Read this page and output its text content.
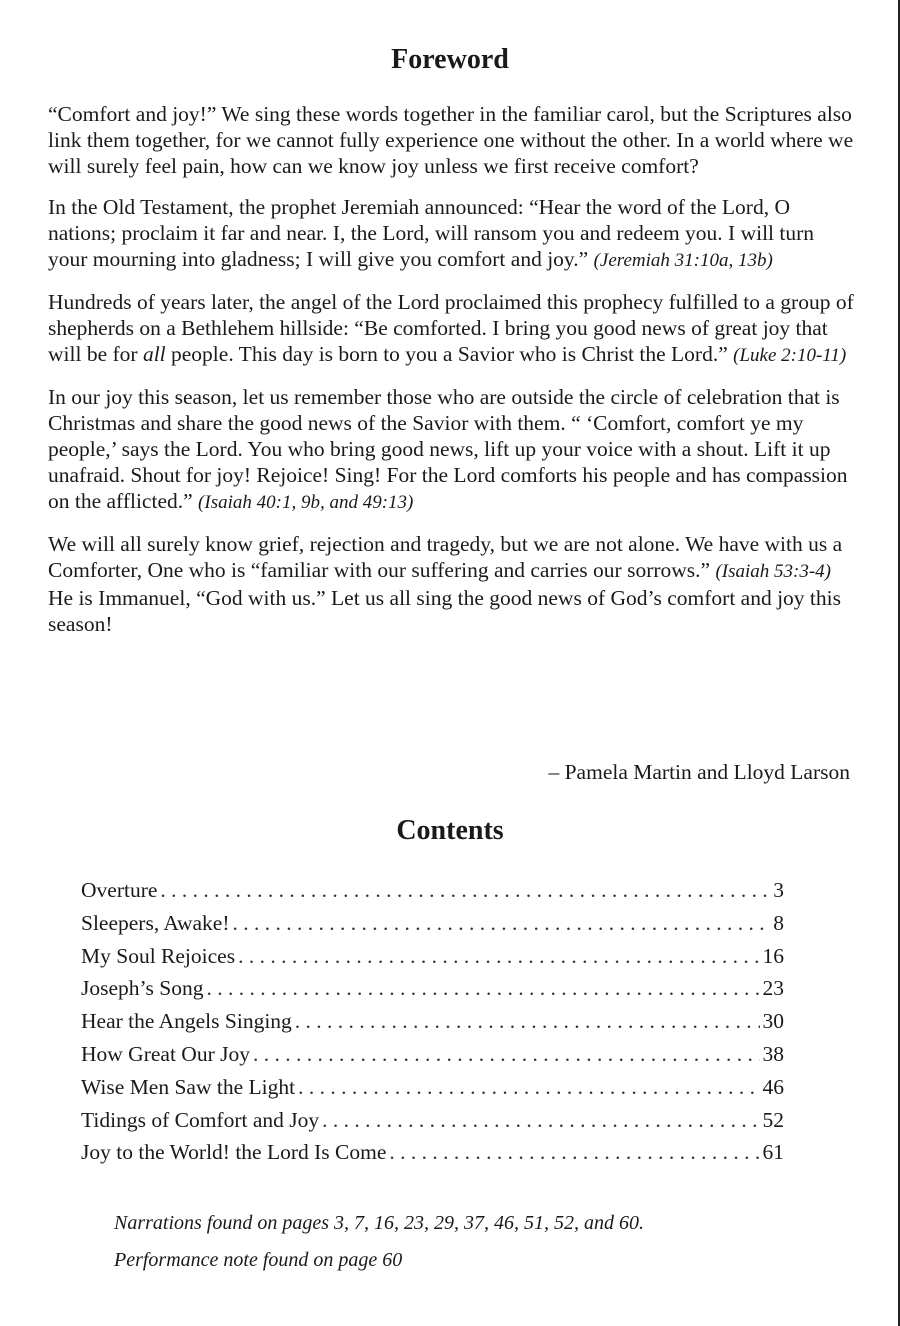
Foreword

“Comfort and joy!” We sing these words together in the familiar carol, but the Scriptures also link them together, for we cannot fully experience one without the other. In a world where we will surely feel pain, how can we know joy unless we first receive comfort?

In the Old Testament, the prophet Jeremiah announced: “Hear the word of the Lord, O nations; proclaim it far and near. I, the Lord, will ransom you and redeem you. I will turn your mourning into gladness; I will give you comfort and joy.” (Jeremiah 31:10a, 13b)

Hundreds of years later, the angel of the Lord proclaimed this prophecy fulfilled to a group of shepherds on a Bethlehem hillside: “Be comforted. I bring you good news of great joy that will be for all people. This day is born to you a Savior who is Christ the Lord.” (Luke 2:10-11)

In our joy this season, let us remember those who are outside the circle of celebration that is Christmas and share the good news of the Savior with them. “ ‘Comfort, comfort ye my people,’ says the Lord. You who bring good news, lift up your voice with a shout. Lift it up unafraid. Shout for joy! Rejoice! Sing! For the Lord comforts his people and has compassion on the afflicted.” (Isaiah 40:1, 9b, and 49:13)

We will all surely know grief, rejection and tragedy, but we are not alone. We have with us a Comforter, One who is “familiar with our suffering and carries our sorrows.” (Isaiah 53:3-4) He is Immanuel, “God with us.” Let us all sing the good news of God’s comfort and joy this season!

– Pamela Martin and Lloyd Larson
Contents
Overture . . .	3
Sleepers, Awake! . . .	8
My Soul Rejoices . . .	16
Joseph’s Song . . .	23
Hear the Angels Singing . . .	30
How Great Our Joy . . .	38
Wise Men Saw the Light . . .	46
Tidings of Comfort and Joy . . .	52
Joy to the World! the Lord Is Come . . .	61
Narrations found on pages 3, 7, 16, 23, 29, 37, 46, 51, 52, and 60.
Performance note found on page 60
